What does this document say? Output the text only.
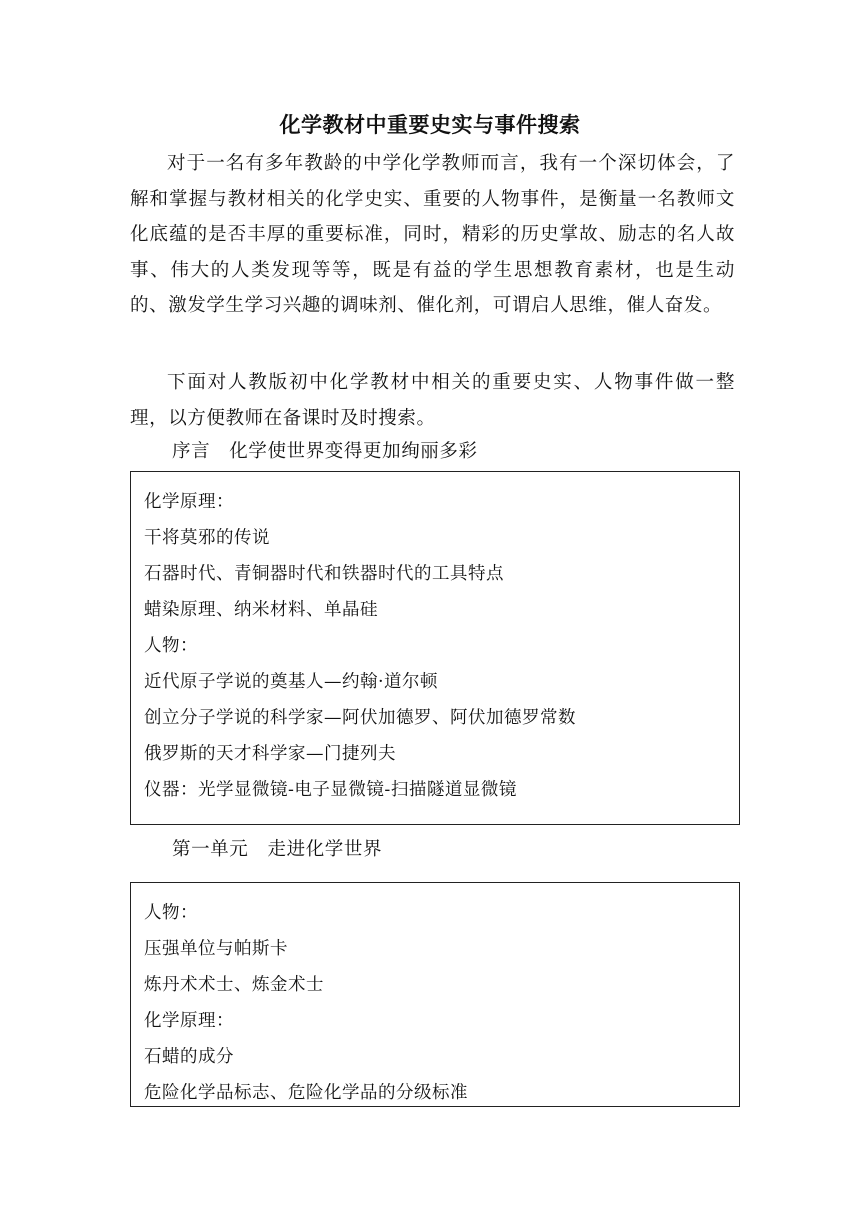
化学教材中重要史实与事件搜索
对于一名有多年教龄的中学化学教师而言，我有一个深切体会，了解和掌握与教材相关的化学史实、重要的人物事件，是衡量一名教师文化底蕴的是否丰厚的重要标准，同时，精彩的历史掌故、励志的名人故事、伟大的人类发现等等，既是有益的学生思想教育素材，也是生动的、激发学生学习兴趣的调味剂、催化剂，可谓启人思维，催人奋发。
下面对人教版初中化学教材中相关的重要史实、人物事件做一整理，以方便教师在备课时及时搜索。
序言　化学使世界变得更加绚丽多彩
化学原理：
干将莫邪的传说
石器时代、青铜器时代和铁器时代的工具特点
蜡染原理、纳米材料、单晶硅
人物：
近代原子学说的奠基人—约翰·道尔顿
创立分子学说的科学家—阿伏加德罗、阿伏加德罗常数
俄罗斯的天才科学家—门捷列夫
仪器：光学显微镜-电子显微镜-扫描隧道显微镜
第一单元　走进化学世界
人物：
压强单位与帕斯卡
炼丹术术士、炼金术士
化学原理：
石蜡的成分
危险化学品标志、危险化学品的分级标准
